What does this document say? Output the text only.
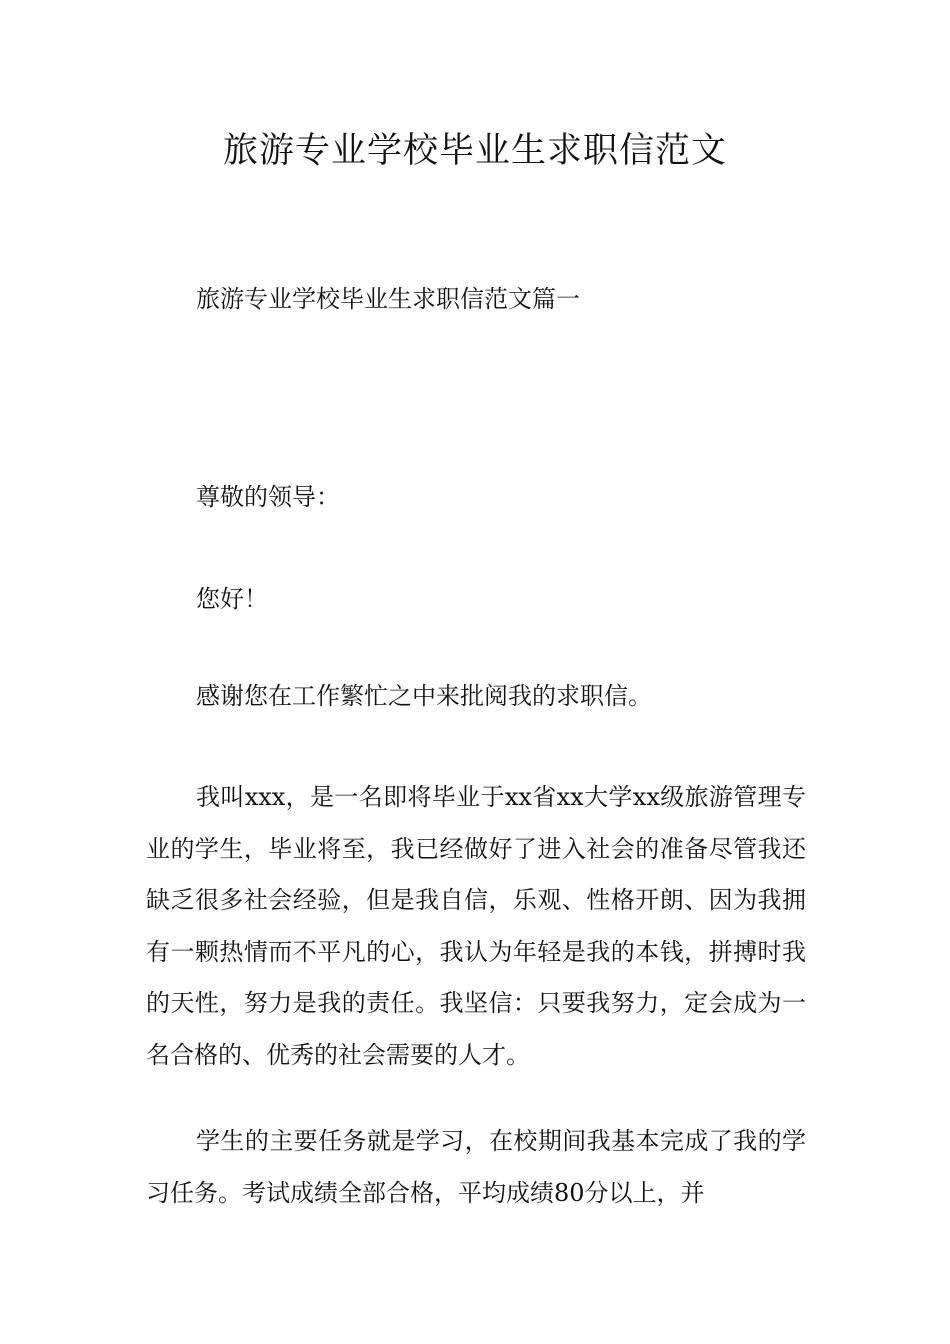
旅游专业学校毕业生求职信范文

旅游专业学校毕业生求职信范文篇一

尊敬的领导：

您好！

感谢您在工作繁忙之中来批阅我的求职信。

我叫xxx，是一名即将毕业于xx省xx大学xx级旅游管理专业的学生，毕业将至，我已经做好了进入社会的准备尽管我还缺乏很多社会经验，但是我自信，乐观、性格开朗、因为我拥有一颗热情而不平凡的心，我认为年轻是我的本钱，拼搏时我的天性，努力是我的责任。我坚信：只要我努力，定会成为一名合格的、优秀的社会需要的人才。

学生的主要任务就是学习，在校期间我基本完成了我的学习任务。考试成绩全部合格，平均成绩80分以上，并
